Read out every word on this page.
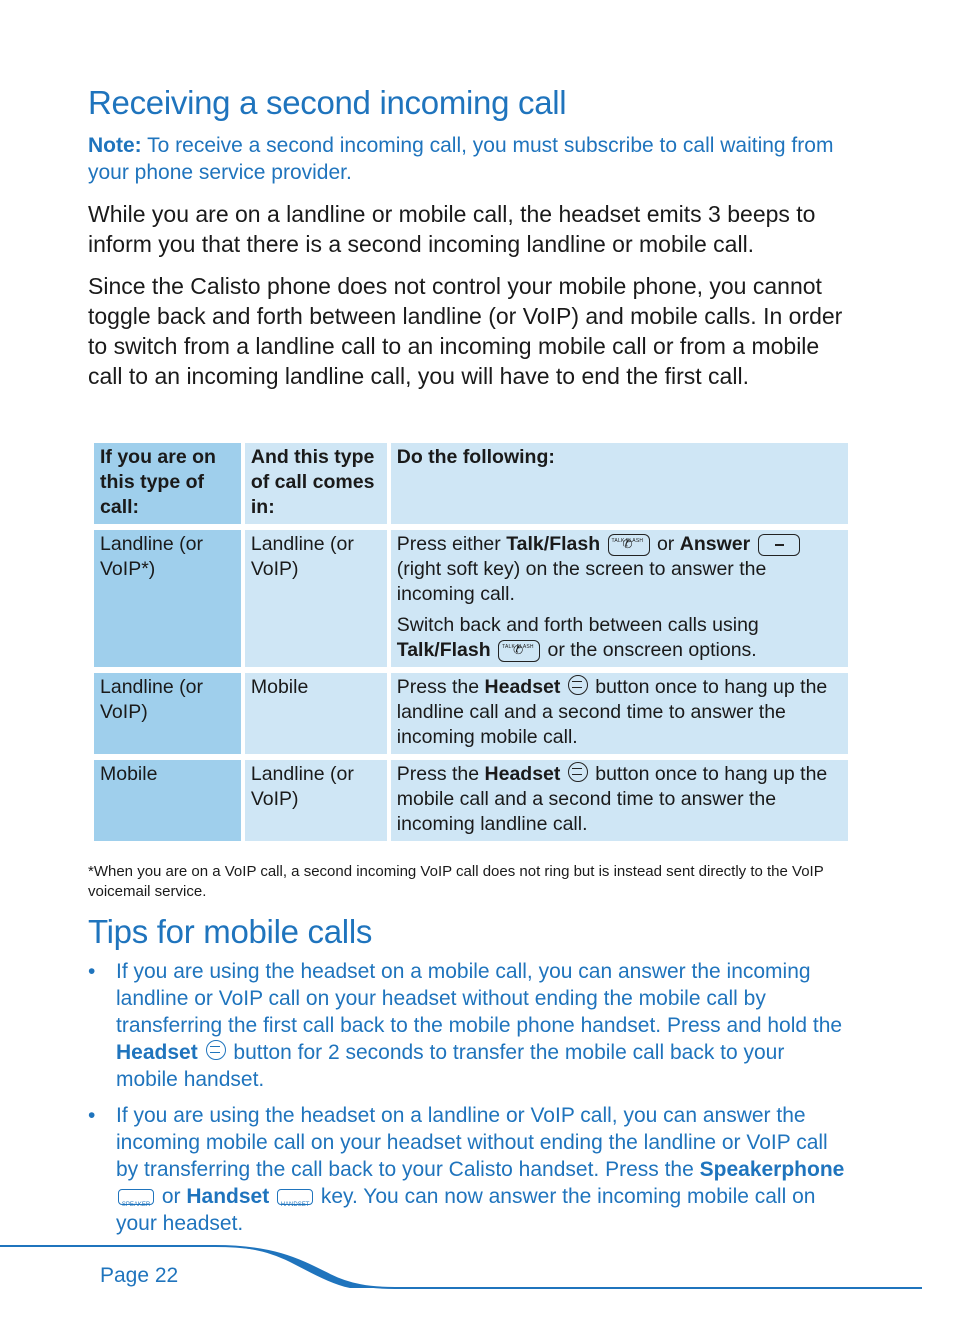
Receiving a second incoming call
Note: To receive a second incoming call, you must subscribe to call waiting from your phone service provider.

While you are on a landline or mobile call, the headset emits 3 beeps to inform you that there is a second incoming landline or mobile call.

Since the Calisto phone does not control your mobile phone, you cannot toggle back and forth between landline (or VoIP) and mobile calls. In order to switch from a landline call to an incoming mobile call or from a mobile call to an incoming landline call, you will have to end the first call.

If you are on this type of call:	And this type of call comes in:	Do the following:
Landline (or VoIP*)	Landline (or VoIP)	Press either Talk/Flash ✆ TALK FLASH or Answer  (right soft key) on the screen to answer the incoming call.

Switch back and forth between calls using Talk/Flash ✆ TALK FLASH or the onscreen options.

Landline (or VoIP)	Mobile	Press the Headset  button once to hang up the landline call and a second time to answer the incoming mobile call.
Mobile	Landline (or VoIP)	Press the Headset  button once to hang up the mobile call and a second time to answer the incoming landline call.
*When you are on a VoIP call, a second incoming VoIP call does not ring but is instead sent directly to the VoIP voicemail service.
Tips for mobile calls
• If you are using the headset on a mobile call, you can answer the incoming landline or VoIP call on your headset without ending the mobile call by transferring the first call back to the mobile phone handset. Press and hold the Headset  button for 2 seconds to transfer the mobile call back to your mobile handset.
• If you are using the headset on a landline or VoIP call, you can answer the incoming mobile call on your headset without ending the landline or VoIP call by transferring the call back to your Calisto handset. Press the Speakerphone SPEAKER or Handset HANDSET key. You can now answer the incoming mobile call on your headset.
Page 22
